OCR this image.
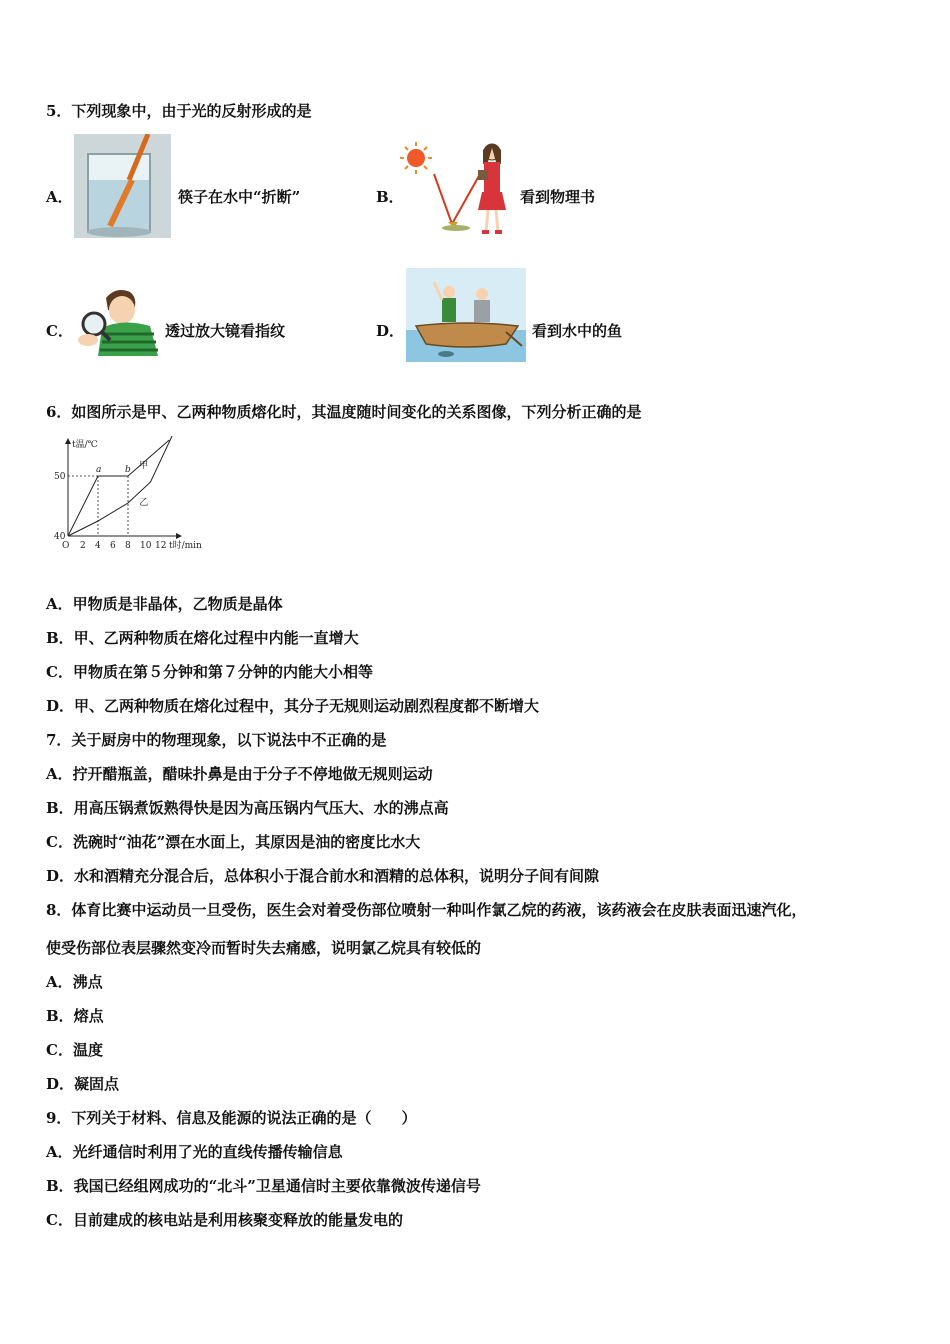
5．下列现象中，由于光的反射形成的是
A．	筷子在水中“折断”	B．	看到物理书
C．	透过放大镜看指纹	D．	看到水中的鱼
6．如图所示是甲、乙两种物质熔化时，其温度随时间变化的关系图像，下列分析正确的是
t温/℃
t时/min
40
50
O 2 4 6 8 10 12
a	b 甲
乙
A．甲物质是非晶体，乙物质是晶体
B．甲、乙两种物质在熔化过程中内能一直增大
C．甲物质在第５分钟和第７分钟的内能大小相等
D．甲、乙两种物质在熔化过程中，其分子无规则运动剧烈程度都不断增大
7．关于厨房中的物理现象，以下说法中不正确的是
A．拧开醋瓶盖，醋味扑鼻是由于分子不停地做无规则运动
B．用高压锅煮饭熟得快是因为高压锅内气压大、水的沸点高
C．洗碗时“油花”漂在水面上，其原因是油的密度比水大
D．水和酒精充分混合后，总体积小于混合前水和酒精的总体积，说明分子间有间隙
8．体育比赛中运动员一旦受伤，医生会对着受伤部位喷射一种叫作氯乙烷的药液，该药液会在皮肤表面迅速汽化，
使受伤部位表层骤然变冷而暂时失去痛感，说明氯乙烷具有较低的
A．沸点
B．熔点
C．温度
D．凝固点
9．下列关于材料、信息及能源的说法正确的是（　　）
A．光纤通信时利用了光的直线传播传输信息
B．我国已经组网成功的“北斗”卫星通信时主要依靠微波传递信号
C．目前建成的核电站是利用核聚变释放的能量发电的
